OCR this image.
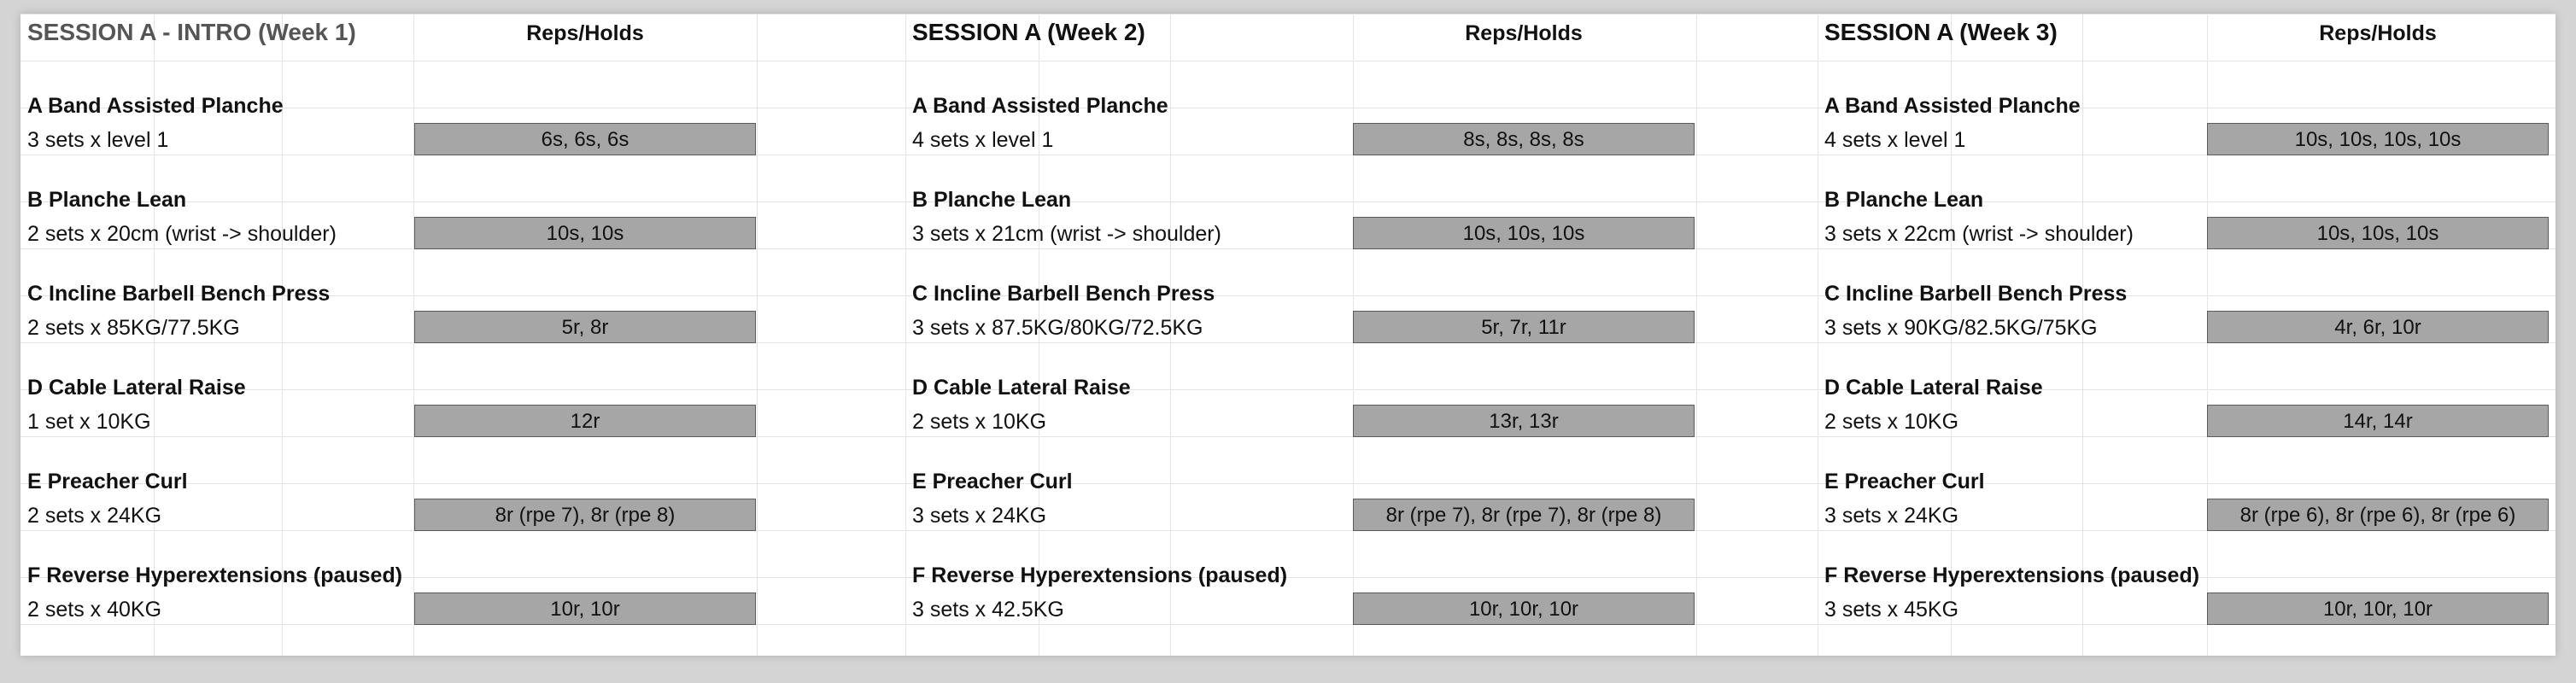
SESSION A - INTRO (Week 1)	Reps/Holds
A Band Assisted Planche
3 sets x level 1	6s, 6s, 6s
B Planche Lean
2 sets x 20cm (wrist -> shoulder)	10s, 10s
C Incline Barbell Bench Press
2 sets x 85KG/77.5KG	5r, 8r
D Cable Lateral Raise
1 set x 10KG	12r
E Preacher Curl
2 sets x 24KG	8r (rpe 7), 8r (rpe 8)
F Reverse Hyperextensions (paused)
2 sets x 40KG	10r, 10r
SESSION A (Week 2)	Reps/Holds
A Band Assisted Planche
4 sets x level 1	8s, 8s, 8s, 8s
B Planche Lean
3 sets x 21cm (wrist -> shoulder)	10s, 10s, 10s
C Incline Barbell Bench Press
3 sets x 87.5KG/80KG/72.5KG	5r, 7r, 11r
D Cable Lateral Raise
2 sets x 10KG	13r, 13r
E Preacher Curl
3 sets x 24KG	8r (rpe 7), 8r (rpe 7), 8r (rpe 8)
F Reverse Hyperextensions (paused)
3 sets x 42.5KG	10r, 10r, 10r
SESSION A (Week 3)	Reps/Holds
A Band Assisted Planche
4 sets x level 1	10s, 10s, 10s, 10s
B Planche Lean
3 sets x 22cm (wrist -> shoulder)	10s, 10s, 10s
C Incline Barbell Bench Press
3 sets x 90KG/82.5KG/75KG	4r, 6r, 10r
D Cable Lateral Raise
2 sets x 10KG	14r, 14r
E Preacher Curl
3 sets x 24KG	8r (rpe 6), 8r (rpe 6), 8r (rpe 6)
F Reverse Hyperextensions (paused)
3 sets x 45KG	10r, 10r, 10r
